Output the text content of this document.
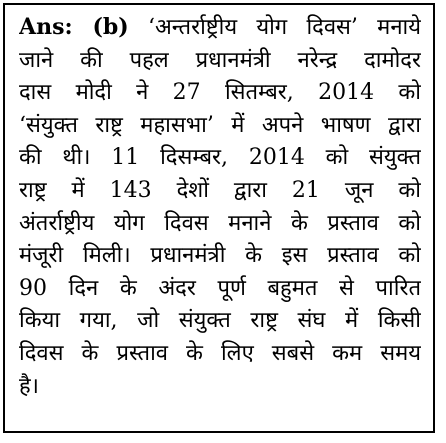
Ans: (b) ‘अन्तर्राष्ट्रीय योग दिवस’ मनाये
जाने की पहल प्रधानमंत्री नरेन्द्र दामोदर
दास मोदी ने 27 सितम्बर, 2014 को
‘संयुक्त राष्ट्र महासभा’ में अपने भाषण द्वारा
की थी। 11 दिसम्बर, 2014 को संयुक्त
राष्ट्र में 143 देशों द्वारा 21 जून को
अंतर्राष्ट्रीय योग दिवस मनाने के प्रस्ताव को
मंजूरी मिली। प्रधानमंत्री के इस प्रस्ताव को
90 दिन के अंदर पूर्ण बहुमत से पारित
किया गया, जो संयुक्त राष्ट्र संघ में किसी
दिवस के प्रस्ताव के लिए सबसे कम समय
है।
